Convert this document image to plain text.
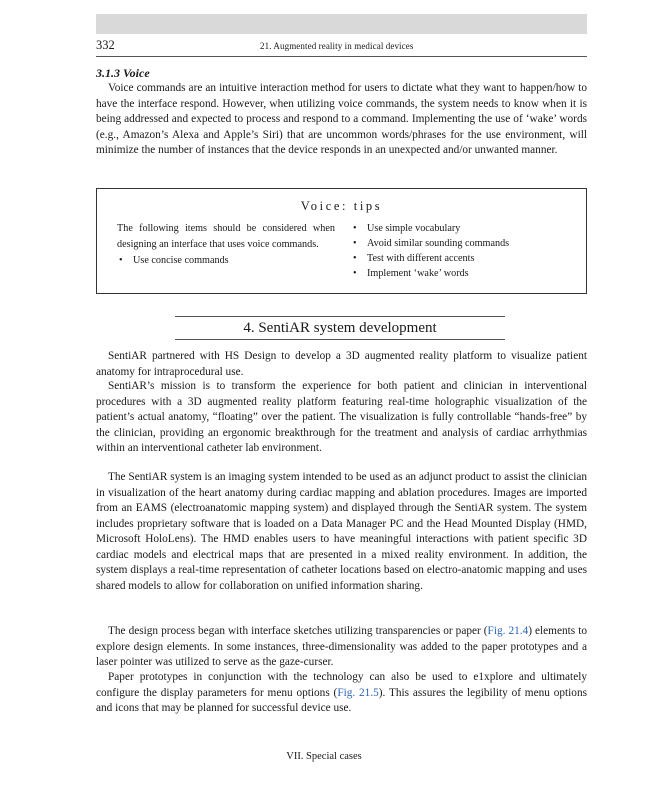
332	21. Augmented reality in medical devices
3.1.3 Voice

Voice commands are an intuitive interaction method for users to dictate what they want to happen/how to have the interface respond. However, when utilizing voice commands, the system needs to know when it is being addressed and expected to process and respond to a command. Implementing the use of ‘wake’ words (e.g., Amazon’s Alexa and Apple’s Siri) that are uncommon words/phrases for the use environment, will minimize the number of instances that the device responds in an unexpected and/or unwanted manner.

Voice: tips

The following items should be considered when designing an interface that uses voice commands.

• Use concise commands
• Use simple vocabulary
• Avoid similar sounding commands
• Test with different accents
• Implement ‘wake’ words
4. SentiAR system development

SentiAR partnered with HS Design to develop a 3D augmented reality platform to visualize patient anatomy for intraprocedural use.

SentiAR’s mission is to transform the experience for both patient and clinician in interventional procedures with a 3D augmented reality platform featuring real-time holographic visualization of the patient’s actual anatomy, “floating” over the patient. The visualization is fully controllable “hands-free” by the clinician, providing an ergonomic breakthrough for the treatment and analysis of cardiac arrhythmias within an interventional catheter lab environment.

The SentiAR system is an imaging system intended to be used as an adjunct product to assist the clinician in visualization of the heart anatomy during cardiac mapping and ablation procedures. Images are imported from an EAMS (electroanatomic mapping system) and displayed through the SentiAR system. The system includes proprietary software that is loaded on a Data Manager PC and the Head Mounted Display (HMD, Microsoft HoloLens). The HMD enables users to have meaningful interactions with patient specific 3D cardiac models and electrical maps that are presented in a mixed reality environment. In addition, the system displays a real-time representation of catheter locations based on electro-anatomic mapping and uses shared models to allow for collaboration on unified information sharing.

The design process began with interface sketches utilizing transparencies or paper (Fig. 21.4) elements to explore design elements. In some instances, three-dimensionality was added to the paper prototypes and a laser pointer was utilized to serve as the gaze-curser.

Paper prototypes in conjunction with the technology can also be used to e1xplore and ultimately configure the display parameters for menu options (Fig. 21.5). This assures the legibility of menu options and icons that may be planned for successful device use.

VII. Special cases
